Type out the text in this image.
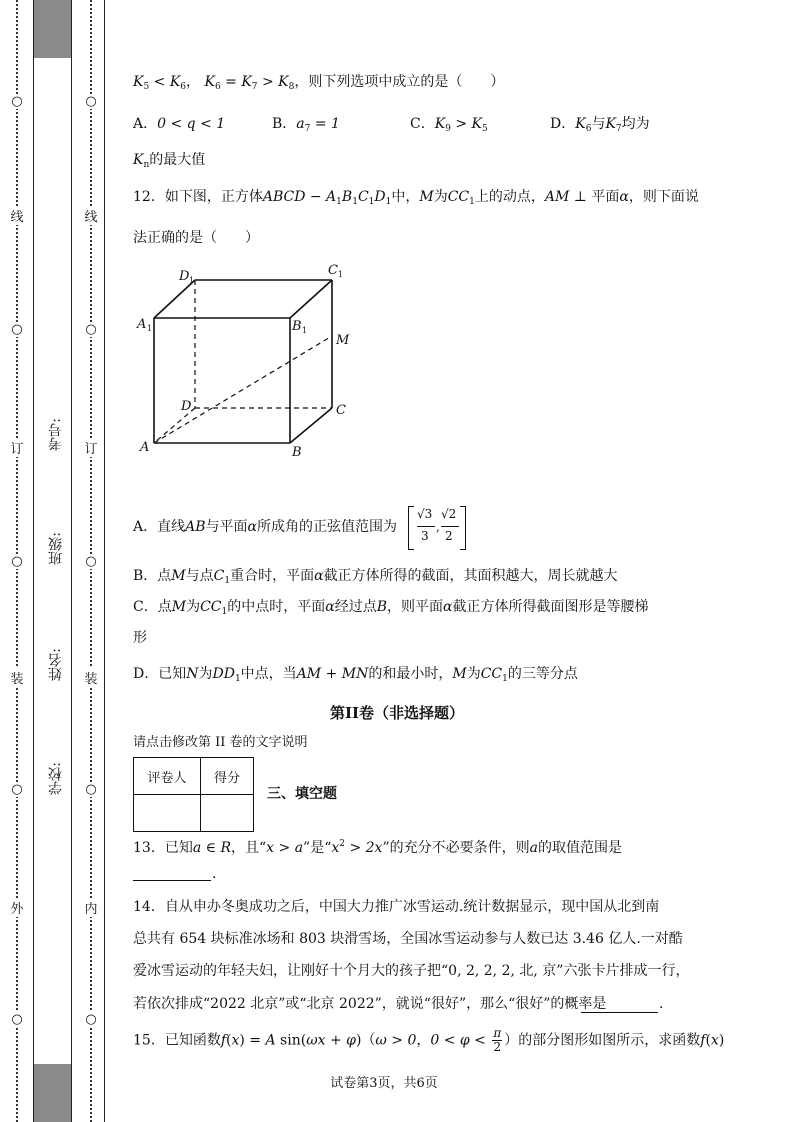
○
线
○
订
○
装
○
外
○
○
线
○
订
○
装
○
内
○
考号:
班级:
姓名:
学校:
$K_5 < K_6$， $K_6 = K_7 > K_8$，则下列选项中成立的是（　　）
A．0 < q < 1	B．$a_7 = 1$	C．$K_9 > K_5$	D．$K_6$与$K_7$均为
$K_n$的最大值
12．如下图，正方体ABCD − $A_1B_1C_1D_1$中，M为$CC_1$上的动点，AM ⊥ 平面α，则下面说
法正确的是（　　）
D 1
C 1
A 1	B 1
M
D	C
A	B
A．直线AB与平面α所成角的正弦值范围为
√3
3
,
√2
2
B．点M与点$C_1$重合时，平面α截正方体所得的截面，其面积越大，周长就越大
C．点M为$CC_1$的中点时，平面α经过点B，则平面α截正方体所得截面图形是等腰梯
形
D．已知N为$DD_1$中点，当AM + MN的和最小时，M为$CC_1$的三等分点
第II卷（非选择题）
请点击修改第 II 卷的文字说明
评卷人	得分

三、填空题
13．已知a ∈ R，且“x > a”是“$x^2 > 2x$”的充分不必要条件，则a的取值范围是
.
14．自从申办冬奥成功之后，中国大力推广冰雪运动.统计数据显示，现中国从北到南
总共有 654 块标准冰场和 803 块滑雪场，全国冰雪运动参与人数已达 3.46 亿人.一对酷
爱冰雪运动的年轻夫妇，让刚好十个月大的孩子把“0, 2, 2, 2, 北, 京”六张卡片排成一行，
若依次排成“2022 北京”或“北京 2022”，就说“很好”，那么“很好”的概率是	.
15．已知函数f(x) = A sin(ωx + φ)（ω > 0，$0 < \varphi < \frac{\pi}{2}$ ）的部分图形如图所示，求函数f(x)
试卷第3页，共6页
